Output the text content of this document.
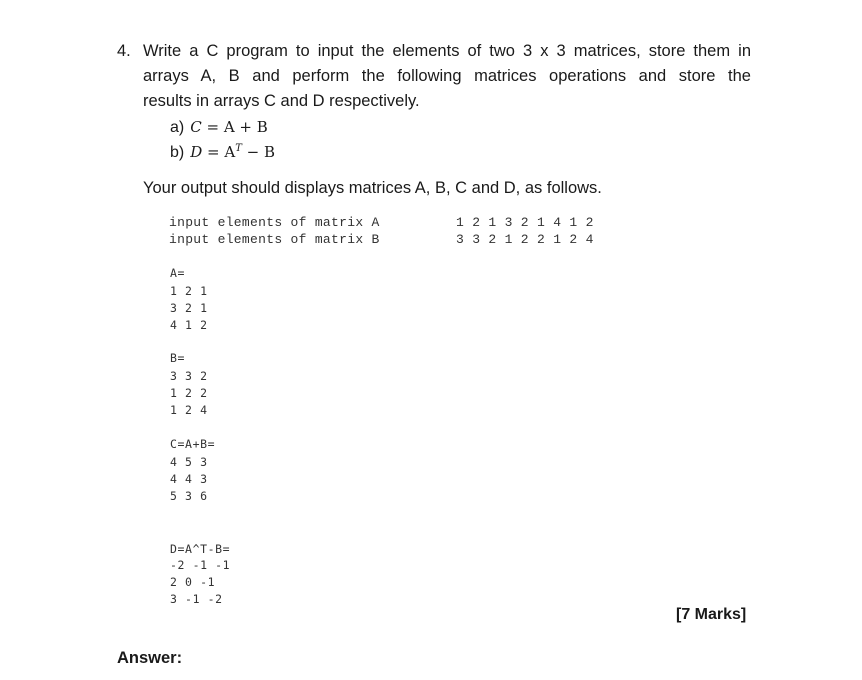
4. Write a C program to input the elements of two 3 x 3 matrices, store them in
arrays A, B and perform the following matrices operations and store the
results in arrays C and D respectively.
a) C = A + B
b) $D = A^T - B$
Your output should displays matrices A, B, C and D, as follows.
input elements of matrix A	1 2 1 3 2 1 4 1 2
input elements of matrix B	3 3 2 1 2 2 1 2 4
A=
1 2 1
3 2 1
4 1 2
B=
3 3 2
1 2 2
1 2 4
C=A+B=
4 5 3
4 4 3
5 3 6
D=A^T-B=
-2 -1 -1
2 0 -1
3 -1 -2
[7 Marks]
Answer:
